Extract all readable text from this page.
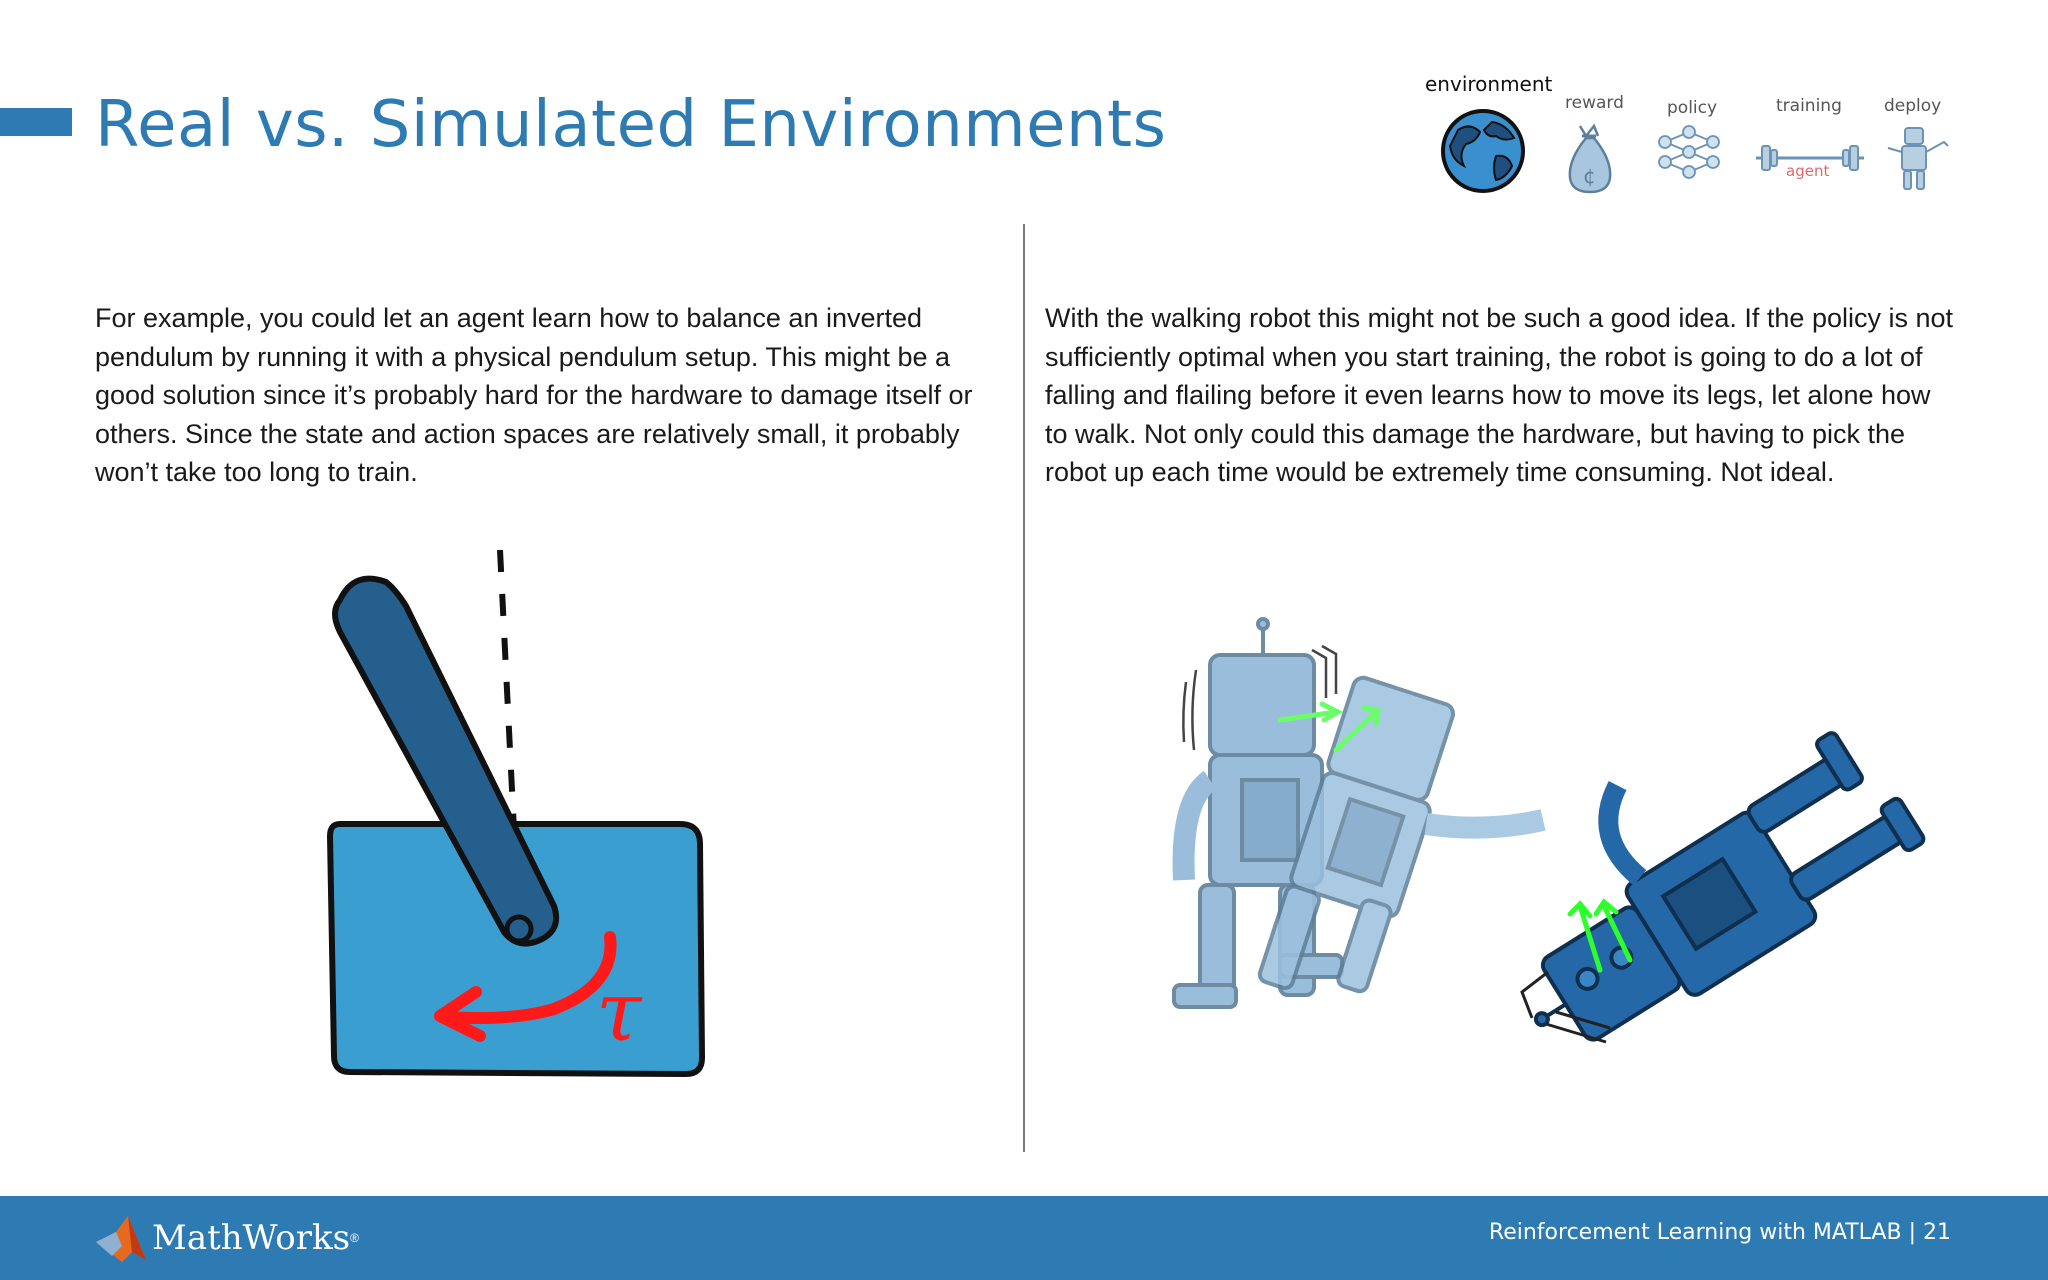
Real vs. Simulated Environments
environment
reward	policy	training deploy
¢	agent

For example, you could let an agent learn how to balance an inverted pendulum by running it with a physical pendulum setup. This might be a good solution since it’s probably hard for the hardware to damage itself or others. Since the state and action spaces are relatively small, it probably won’t take too long to train.

With the walking robot this might not be such a good idea. If the policy is not sufficiently optimal when you start training, the robot is going to do a lot of falling and flailing before it even learns how to move its legs, let alone how to walk. Not only could this damage the hardware, but having to pick the robot up each time would be extremely time consuming. Not ideal.

τ
MathWorks ®	Reinforcement Learning with MATLAB | 21
